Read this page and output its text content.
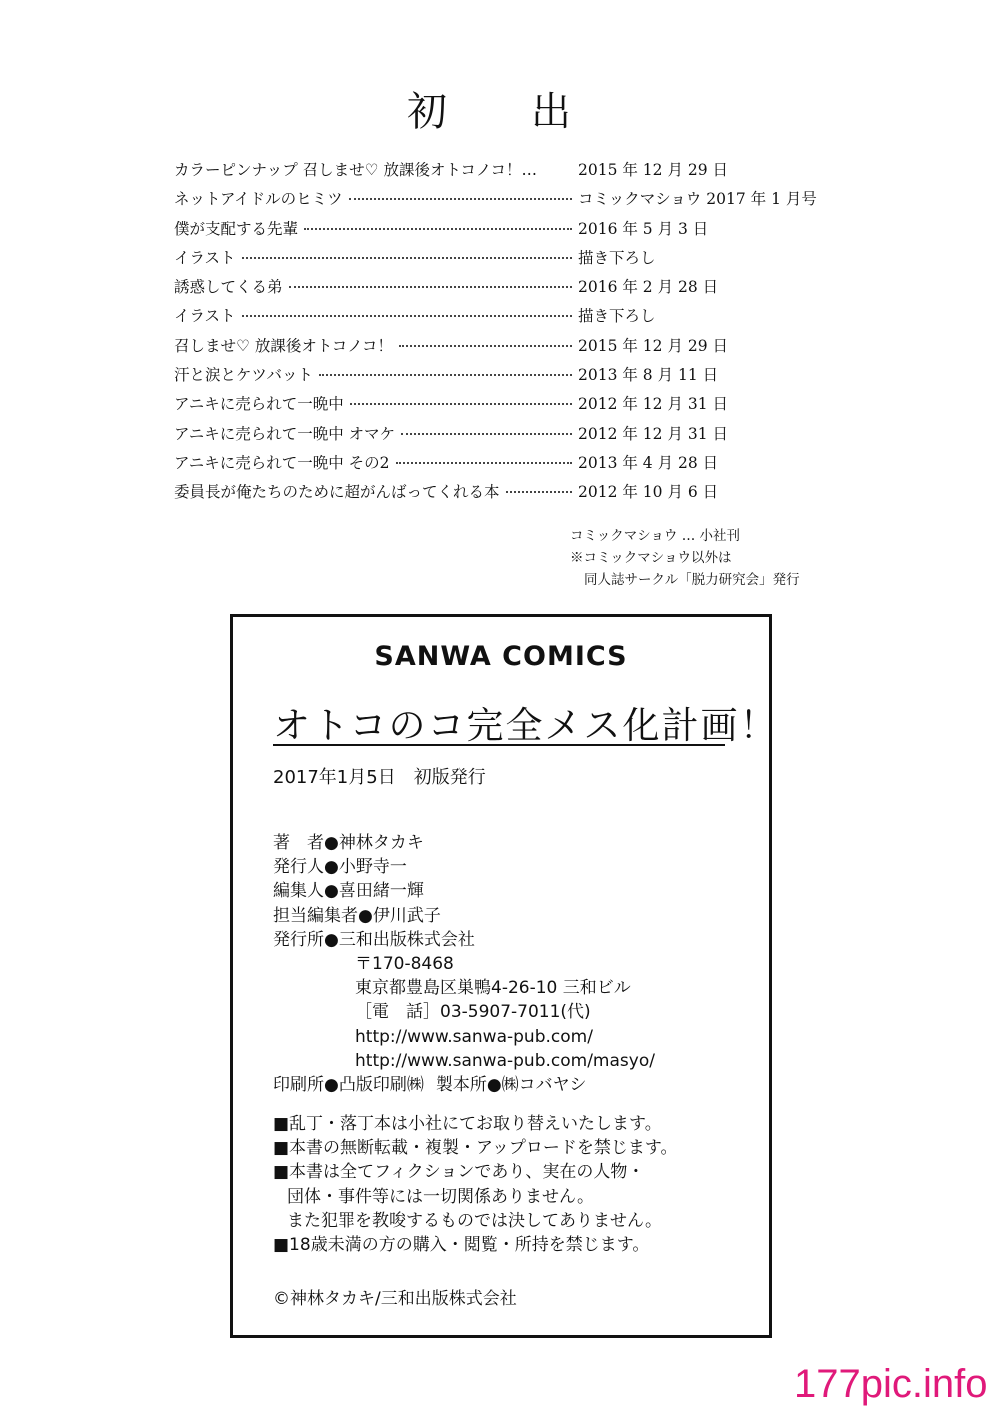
初　出
カラーピンナップ 召しませ♡ 放課後オトコノコ！…	2015 年 12 月 29 日
ネットアイドルのヒミツ	コミックマショウ 2017 年 1 月号
僕が支配する先輩	2016 年 5 月 3 日
イラスト	描き下ろし
誘惑してくる弟	2016 年 2 月 28 日
イラスト	描き下ろし
召しませ♡ 放課後オトコノコ！	2015 年 12 月 29 日
汗と涙とケツバット	2013 年 8 月 11 日
アニキに売られて一晩中	2012 年 12 月 31 日
アニキに売られて一晩中 オマケ	2012 年 12 月 31 日
アニキに売られて一晩中 その2	2013 年 4 月 28 日
委員長が俺たちのために超がんばってくれる本	2012 年 10 月 6 日
コミックマショウ … 小社刊
※コミックマショウ以外は
同人誌サークル「脱力研究会」発行
SANWA COMICS
オトコのコ完全メス化計画！
2017年1月5日 初版発行
著　者●神林タカキ
発行人●小野寺一
編集人●喜田緒一輝
担当編集者●伊川武子
発行所●三和出版株式会社
〒170-8468
東京都豊島区巣鴨4-26-10 三和ビル
［電　話］03-5907-7011(代)
http://www.sanwa-pub.com/
http://www.sanwa-pub.com/masyo/
印刷所●凸版印刷㈱ 製本所●㈱コバヤシ
■乱丁・落丁本は小社にてお取り替えいたします。
■本書の無断転載・複製・アップロードを禁じます。
■本書は全てフィクションであり、実在の人物・
団体・事件等には一切関係ありません。
また犯罪を教唆するものでは決してありません。
■18歳未満の方の購入・閲覧・所持を禁じます。
©神林タカキ/三和出版株式会社
177pic.info
